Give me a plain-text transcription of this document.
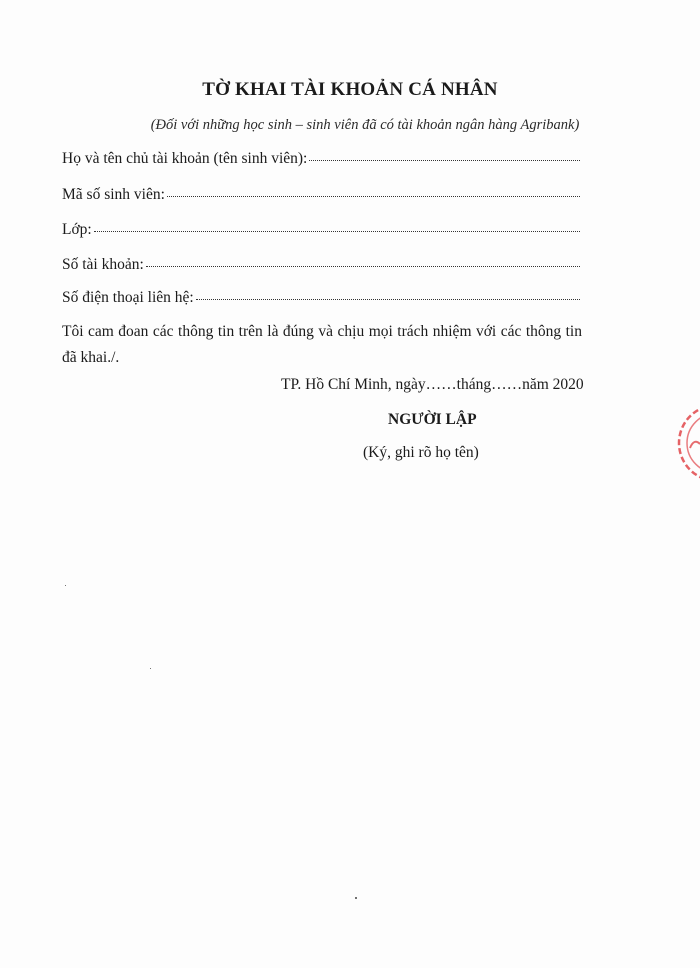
TỜ KHAI TÀI KHOẢN CÁ NHÂN
(Đối với những học sinh – sinh viên đã có tài khoản ngân hàng Agribank)
Họ và tên chủ tài khoản (tên sinh viên):
Mã số sinh viên:
Lớp:
Số tài khoản:
Số điện thoại liên hệ:
Tôi cam đoan các thông tin trên là đúng và chịu mọi trách nhiệm với các thông tin đã khai./.
TP. Hồ Chí Minh, ngày……tháng……năm 2020
NGƯỜI LẬP
(Ký, ghi rõ họ tên)
